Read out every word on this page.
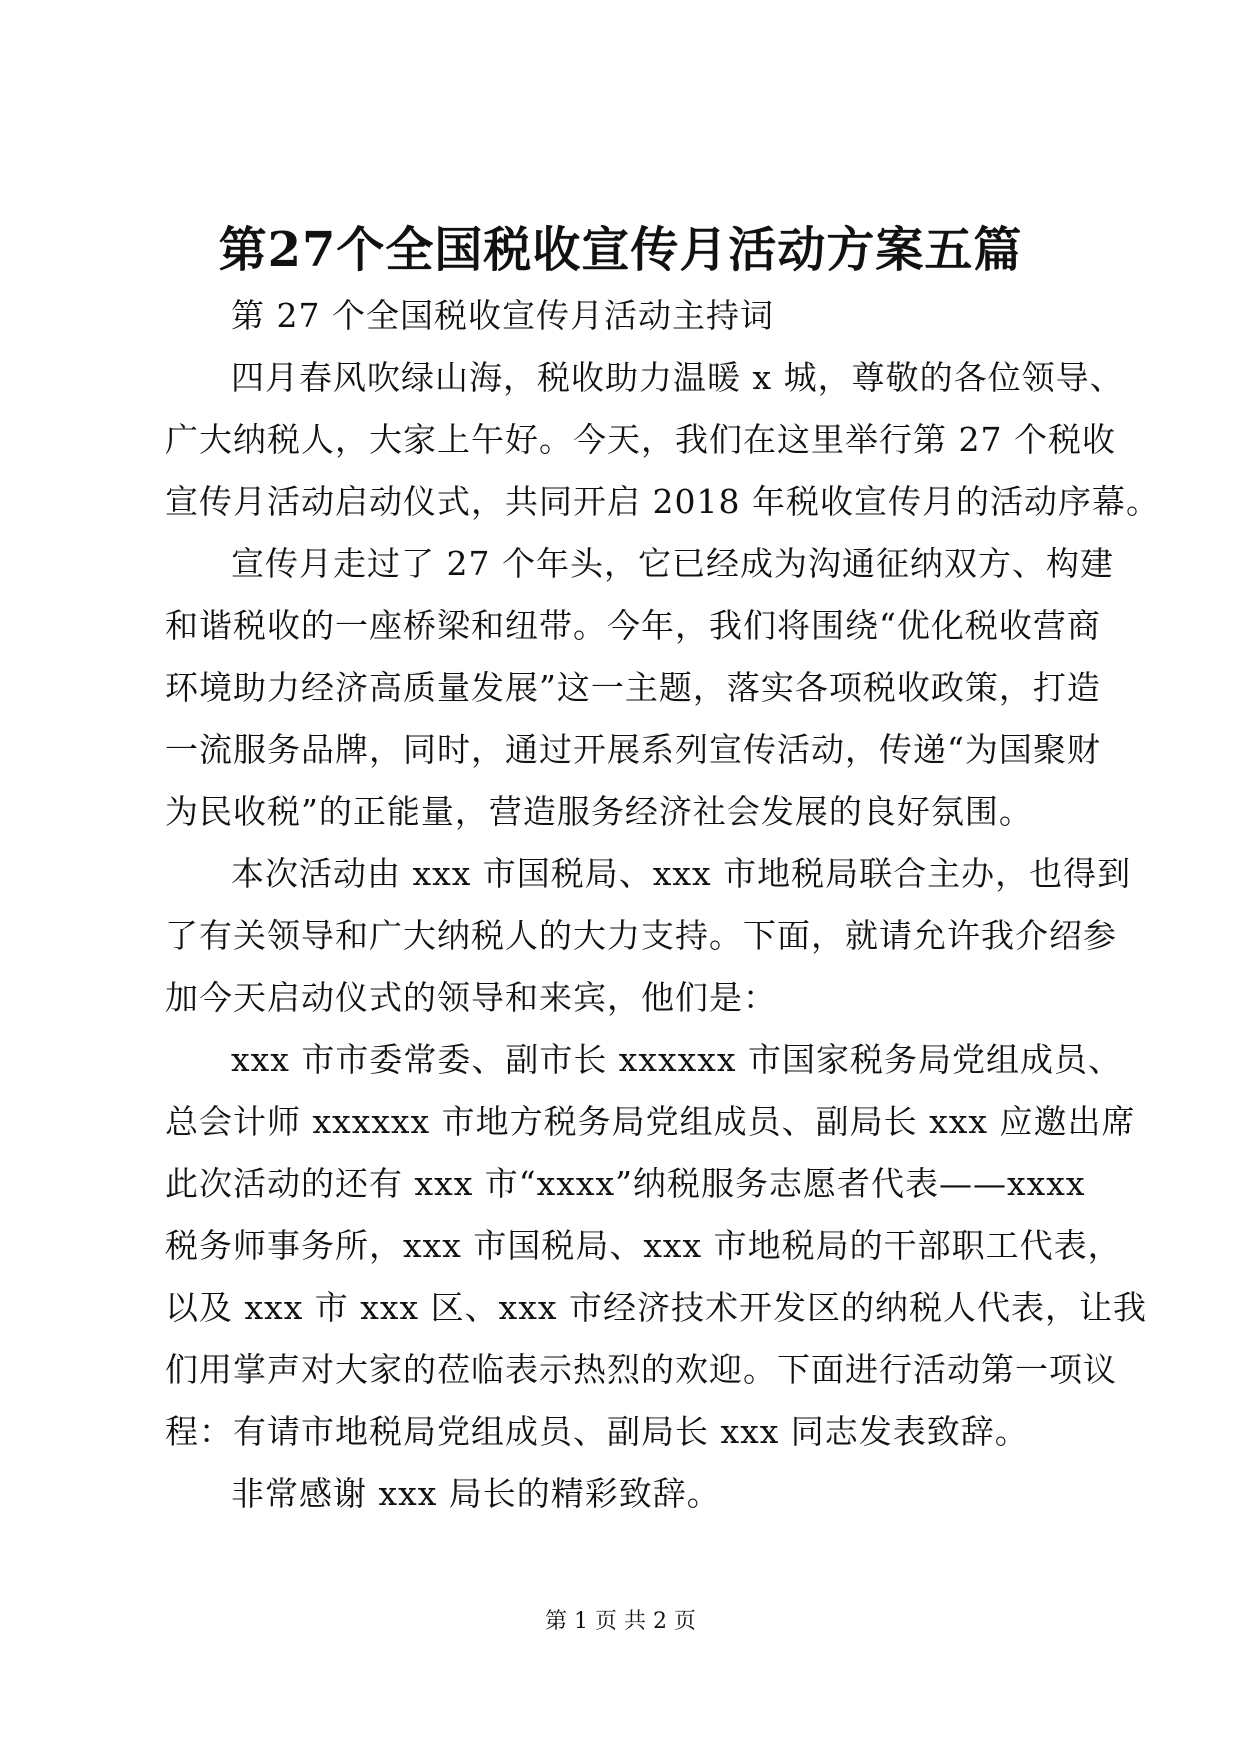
第27个全国税收宣传月活动方案五篇

第 27 个全国税收宣传月活动主持词

四月春风吹绿山海，税收助力温暖 x 城，尊敬的各位领导、
广大纳税人，大家上午好。今天，我们在这里举行第 27 个税收
宣传月活动启动仪式，共同开启 2018 年税收宣传月的活动序幕。

宣传月走过了 27 个年头，它已经成为沟通征纳双方、构建
和谐税收的一座桥梁和纽带。今年，我们将围绕“优化税收营商
环境助力经济高质量发展”这一主题，落实各项税收政策，打造
一流服务品牌，同时，通过开展系列宣传活动，传递“为国聚财
为民收税”的正能量，营造服务经济社会发展的良好氛围。

本次活动由 xxx 市国税局、xxx 市地税局联合主办，也得到
了有关领导和广大纳税人的大力支持。下面，就请允许我介绍参
加今天启动仪式的领导和来宾，他们是：

xxx 市市委常委、副市长 xxxxxx 市国家税务局党组成员、
总会计师 xxxxxx 市地方税务局党组成员、副局长 xxx 应邀出席
此次活动的还有 xxx 市“xxxx”纳税服务志愿者代表——xxxx
税务师事务所，xxx 市国税局、xxx 市地税局的干部职工代表，
以及 xxx 市 xxx 区、xxx 市经济技术开发区的纳税人代表，让我
们用掌声对大家的莅临表示热烈的欢迎。下面进行活动第一项议
程：有请市地税局党组成员、副局长 xxx 同志发表致辞。

非常感谢 xxx 局长的精彩致辞。

第 1 页 共 2 页
